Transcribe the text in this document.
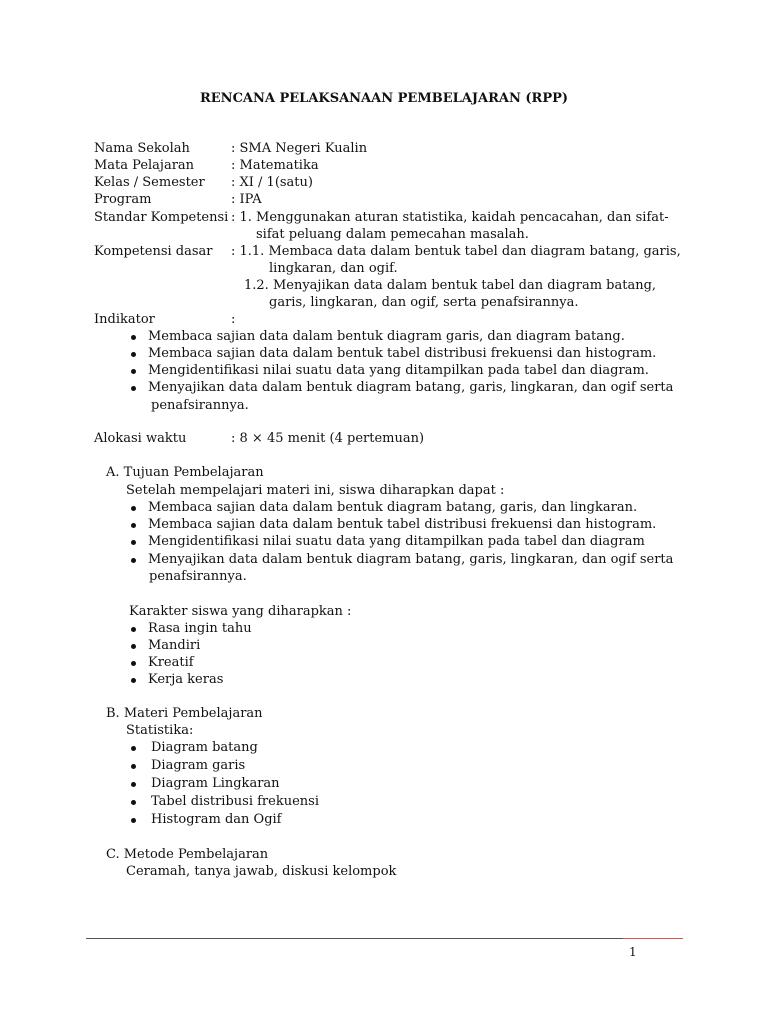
RENCANA PELAKSANAAN PEMBELAJARAN (RPP)
Nama Sekolah	: SMA Negeri Kualin
Mata Pelajaran	: Matematika
Kelas / Semester : XI / 1(satu)
Program	: IPA
Standar Kompetensi : 1. Menggunakan aturan statistika, kaidah pencacahan, dan sifat-
sifat peluang dalam pemecahan masalah.
Kompetensi dasar : 1.1. Membaca data dalam bentuk tabel dan diagram batang, garis,
lingkaran, dan ogif.
1.2. Menyajikan data dalam bentuk tabel dan diagram batang,
garis, lingkaran, dan ogif, serta penafsirannya.
Indikator	:
Membaca sajian data dalam bentuk diagram garis, dan diagram batang.
Membaca sajian data dalam bentuk tabel distribusi frekuensi dan histogram.
Mengidentifikasi nilai suatu data yang ditampilkan pada tabel dan diagram.
Menyajikan data dalam bentuk diagram batang, garis, lingkaran, dan ogif serta
penafsirannya.
Alokasi waktu	: 8 × 45 menit (4 pertemuan)
A. Tujuan Pembelajaran
Setelah mempelajari materi ini, siswa diharapkan dapat :
Membaca sajian data dalam bentuk diagram batang, garis, dan lingkaran.
Membaca sajian data dalam bentuk tabel distribusi frekuensi dan histogram.
Mengidentifikasi nilai suatu data yang ditampilkan pada tabel dan diagram
Menyajikan data dalam bentuk diagram batang, garis, lingkaran, dan ogif serta
penafsirannya.
Karakter siswa yang diharapkan :
Rasa ingin tahu
Mandiri
Kreatif
Kerja keras
B. Materi Pembelajaran
Statistika:
Diagram batang
Diagram garis
Diagram Lingkaran
Tabel distribusi frekuensi
Histogram dan Ogif
C. Metode Pembelajaran
Ceramah, tanya jawab, diskusi kelompok
1
